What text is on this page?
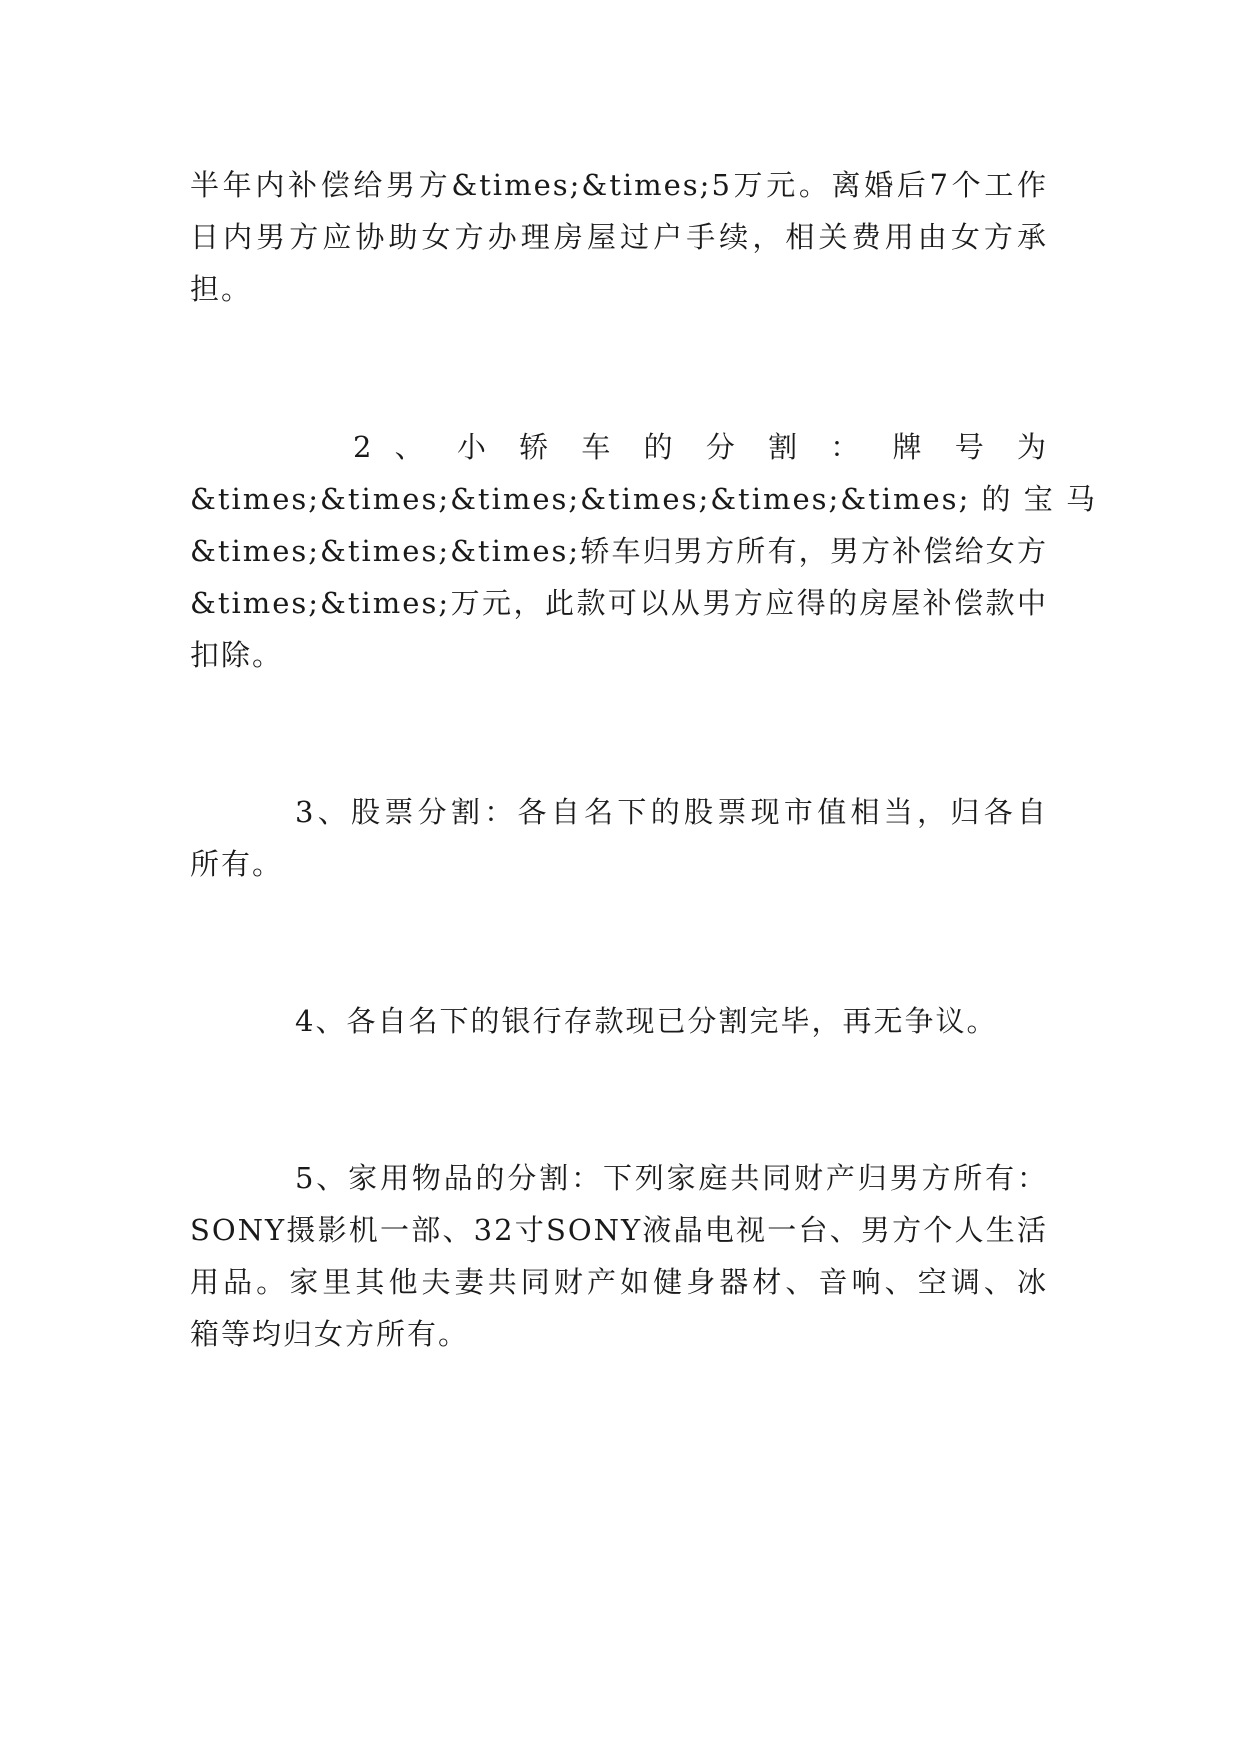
半年内补偿给男方&times;&times;5万元。离婚后7个工作
日内男方应协助女方办理房屋过户手续，相关费用由女方承
担。
2 、 小 轿 车 的 分 割 ： 牌 号 为
&times;&times;&times;&times;&times;&times; 的 宝 马
&times;&times;&times;轿车归男方所有，男方补偿给女方
&times;&times;万元，此款可以从男方应得的房屋补偿款中
扣除。
3、股票分割：各自名下的股票现市值相当，归各自
所有。
4、各自名下的银行存款现已分割完毕，再无争议。
5、家用物品的分割：下列家庭共同财产归男方所有：
SONY摄影机一部、32寸SONY液晶电视一台、男方个人生活
用品。家里其他夫妻共同财产如健身器材、音响、空调、冰
箱等均归女方所有。
